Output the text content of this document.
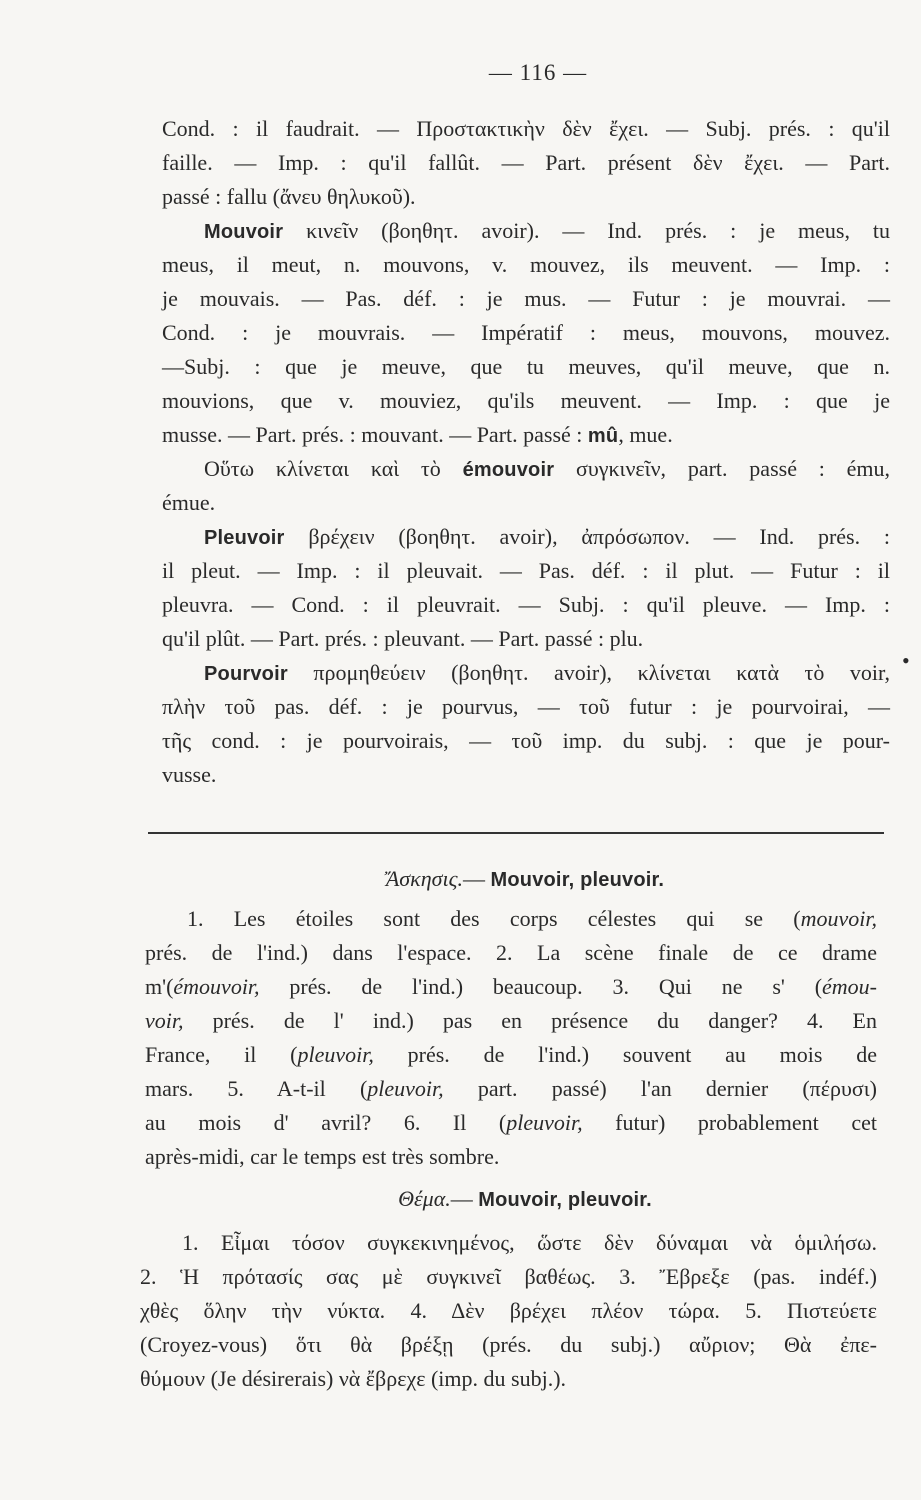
— 116 —
Cond. : il faudrait. — Προστακτικὴν δὲν ἔχει. — Subj. prés. : qu'il
faille. — Imp. : qu'il fallût. — Part. présent δὲν ἔχει. — Part.
passé : fallu (ἄνευ θηλυκοῦ).
Mouvoir κινεῖν (βοηθητ. avoir). — Ind. prés. : je meus, tu
meus, il meut, n. mouvons, v. mouvez, ils meuvent. — Imp. :
je mouvais. — Pas. déf. : je mus. — Futur : je mouvrai. —
Cond. : je mouvrais. — Impératif : meus, mouvons, mouvez.
—Subj. : que je meuve, que tu meuves, qu'il meuve, que n.
mouvions, que v. mouviez, qu'ils meuvent. — Imp. : que je
musse. — Part. prés. : mouvant. — Part. passé : mû, mue.
Οὕτω κλίνεται καὶ τὸ émouvoir συγκινεῖν, part. passé : ému,
émue.
Pleuvoir βρέχειν (βοηθητ. avoir), ἀπρόσωπον. — Ind. prés. :
il pleut. — Imp. : il pleuvait. — Pas. déf. : il plut. — Futur : il
pleuvra. — Cond. : il pleuvrait. — Subj. : qu'il pleuve. — Imp. :
qu'il plût. — Part. prés. : pleuvant. — Part. passé : plu.
Pourvoir προμηθεύειν (βοηθητ. avoir), κλίνεται κατὰ τὸ voir,
πλὴν τοῦ pas. déf. : je pourvus, — τοῦ futur : je pourvoirai, —
τῆς cond. : je pourvoirais, — τοῦ imp. du subj. : que je pour-
vusse.
•
Ἄσκησις.— Mouvoir, pleuvoir.
1. Les étoiles sont des corps célestes qui se (mouvoir,
prés. de l'ind.) dans l'espace. 2. La scène finale de ce drame
m'(émouvoir, prés. de l'ind.) beaucoup. 3. Qui ne s' (émou-
voir, prés. de l' ind.) pas en présence du danger? 4. En
France, il (pleuvoir, prés. de l'ind.) souvent au mois de
mars. 5. A-t-il (pleuvoir, part. passé) l'an dernier (πέρυσι)
au mois d' avril? 6. Il (pleuvoir, futur) probablement cet
après-midi, car le temps est très sombre.
Θέμα.— Mouvoir, pleuvoir.
1. Εἶμαι τόσον συγκεκινημένος, ὥστε δὲν δύναμαι νὰ ὁμιλήσω.
2. Ἡ πρότασίς σας μὲ συγκινεῖ βαθέως. 3. Ἔβρεξε (pas. indéf.)
χθὲς ὅλην τὴν νύκτα. 4. Δὲν βρέχει πλέον τώρα. 5. Πιστεύετε
(Croyez-vous) ὅτι θὰ βρέξῃ (prés. du subj.) αὔριον; Θὰ ἐπε-
θύμουν (Je désirerais) νὰ ἔβρεχε (imp. du subj.).
